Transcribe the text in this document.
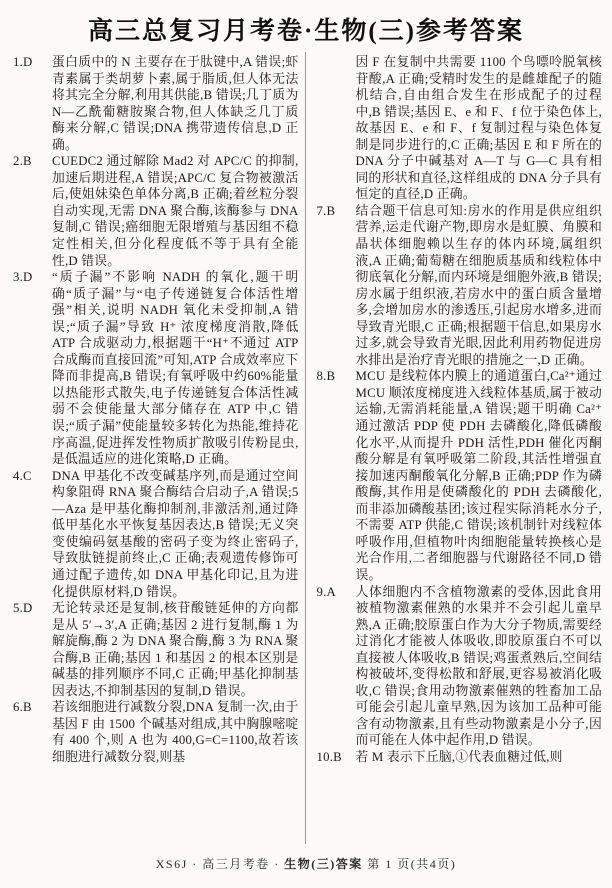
高三总复习月考卷·生物(三)参考答案
1.D 蛋白质中的 N 主要存在于肽键中,A 错误;虾青素属于类胡萝卜素,属于脂质,但人体无法将其完全分解,利用其供能,B 错误;几丁质为 N—乙酰葡糖胺聚合物,但人体缺乏几丁质酶来分解,C 错误;DNA 携带遗传信息,D 正确。
2.B CUEDC2 通过解除 Mad2 对 APC/C 的抑制,加速后期进程,A 错误;APC/C 复合物被激活后,使姐妹染色单体分离,B 正确;着丝粒分裂自动实现,无需 DNA 聚合酶,该酶参与 DNA 复制,C 错误;癌细胞无限增殖与基因组不稳定性相关,但分化程度低不等于具有全能性,D 错误。
3.D “质子漏”不影响 NADH 的氧化,题干明确“质子漏”与“电子传递链复合体活性增强”相关,说明 NADH 氧化未受抑制,A 错误;“质子漏”导致 H⁺ 浓度梯度消散,降低 ATP 合成驱动力,根据题干“H⁺不通过 ATP 合成酶而直接回流”可知,ATP 合成效率应下降而非提高,B 错误;有氧呼吸中约60%能量以热能形式散失,电子传递链复合体活性减弱不会使能量大部分储存在 ATP 中,C 错误;“质子漏”使能量较多转化为热能,维持花序高温,促进挥发性物质扩散吸引传粉昆虫,是低温适应的进化策略,D 正确。
4.C DNA 甲基化不改变碱基序列,而是通过空间构象阻碍 RNA 聚合酶结合启动子,A 错误;5—Aza 是甲基化酶抑制剂,非激活剂,通过降低甲基化水平恢复基因表达,B 错误;无义突变使编码氨基酸的密码子变为终止密码子,导致肽链提前终止,C 正确;表观遗传修饰可通过配子遗传,如 DNA 甲基化印记,且为进化提供原材料,D 错误。
5.D 无论转录还是复制,核苷酸链延伸的方向都是从 5′→3′,A 正确;基因 2 进行复制,酶 1 为解旋酶,酶 2 为 DNA 聚合酶,酶 3 为 RNA 聚合酶,B 正确;基因 1 和基因 2 的根本区别是碱基的排列顺序不同,C 正确;甲基化抑制基因表达,不抑制基因的复制,D 错误。
6.B 若该细胞进行减数分裂,DNA 复制一次,由于基因 F 由 1500 个碱基对组成,其中胸腺嘧啶有 400 个,则 A 也为 400,G=C=1100,故若该细胞进行减数分裂,则基
因 F 在复制中共需要 1100 个鸟嘌呤脱氧核苷酸,A 正确;受精时发生的是雌雄配子的随机结合,自由组合发生在形成配子的过程中,B 错误;基因 E、e 和 F、f 位于染色体上,故基因 E、e 和 F、f 复制过程与染色体复制是同步进行的,C 正确;基因 E 和 F 所在的 DNA 分子中碱基对 A—T 与 G—C 具有相同的形状和直径,这样组成的 DNA 分子具有恒定的直径,D 正确。
7.B 结合题干信息可知:房水的作用是供应组织营养,运走代谢产物,即房水是虹膜、角膜和晶状体细胞赖以生存的体内环境,属组织液,A 正确;葡萄糖在细胞质基质和线粒体中彻底氧化分解,而内环境是细胞外液,B 错误;房水属于组织液,若房水中的蛋白质含量增多,会增加房水的渗透压,引起房水增多,进而导致青光眼,C 正确;根据题干信息,如果房水过多,就会导致青光眼,因此利用药物促进房水排出是治疗青光眼的措施之一,D 正确。
8.B MCU 是线粒体内膜上的通道蛋白,Ca²⁺通过 MCU 顺浓度梯度进入线粒体基质,属于被动运输,无需消耗能量,A 错误;题干明确 Ca²⁺ 通过激活 PDP 使 PDH 去磷酸化,降低磷酸化水平,从而提升 PDH 活性,PDH 催化丙酮酸分解是有氧呼吸第二阶段,其活性增强直接加速丙酮酸氧化分解,B 正确;PDP 作为磷酸酶,其作用是使磷酸化的 PDH 去磷酸化,而非添加磷酸基团;该过程实际消耗水分子,不需要 ATP 供能,C 错误;该机制针对线粒体呼吸作用,但植物叶肉细胞能量转换核心是光合作用,二者细胞器与代谢路径不同,D 错误。
9.A 人体细胞内不含植物激素的受体,因此食用被植物激素催熟的水果并不会引起儿童早熟,A 正确;胶原蛋白作为大分子物质,需要经过消化才能被人体吸收,即胶原蛋白不可以直接被人体吸收,B 错误;鸡蛋煮熟后,空间结构被破坏,变得松散和舒展,更容易被消化吸收,C 错误;食用动物激素催熟的牲畜加工品可能会引起儿童早熟,因为该加工品种可能含有动物激素,且有些动物激素是小分子,因而可能在人体中起作用,D 错误。
10.B 若 M 表示下丘脑,①代表血糖过低,则
XS6J · 高三月考卷 · 生物(三)答案 第 1 页(共4页)
